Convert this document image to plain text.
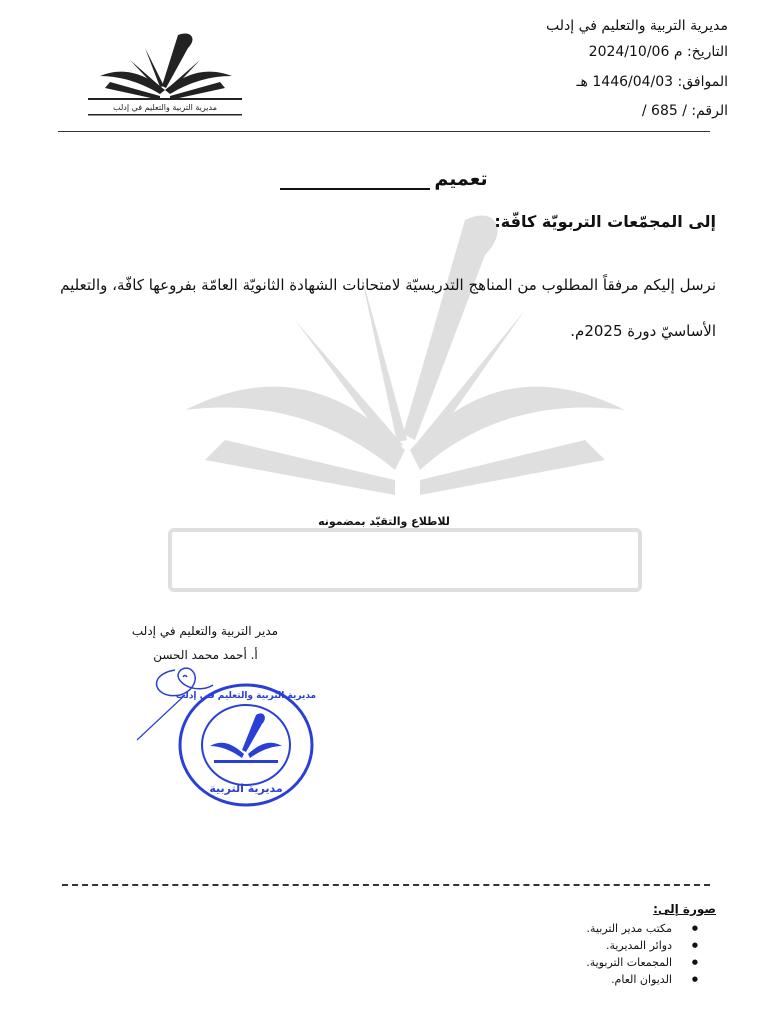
مديرية التربية والتعليم في إدلب
مديرية التربية والتعليم في إدلب
التاريخ: 2024/10/06 م
الموافق: 1446/04/03 هـ
الرقم: / 685 /
تعميم
إلى المجمّعات التربويّة كافّة:
نرسل إليكم مرفقاً المطلوب من المناهج التدريسيّة لامتحانات الشهادة الثانويّة العامّة بفروعها كافّة، والتعليم الأساسيّ دورة 2025م.
للاطلاع والتقيّد بمضمونه
مدير التربية والتعليم في إدلب
أ. أحمد محمد الحسن
مديرية التربية
مديرية التربية والتعليم في إدلب
صورة إلى:
● مكتب مدير التربية.
● دوائر المديرية.
● المجمعات التربوية.
● الديوان العام.
